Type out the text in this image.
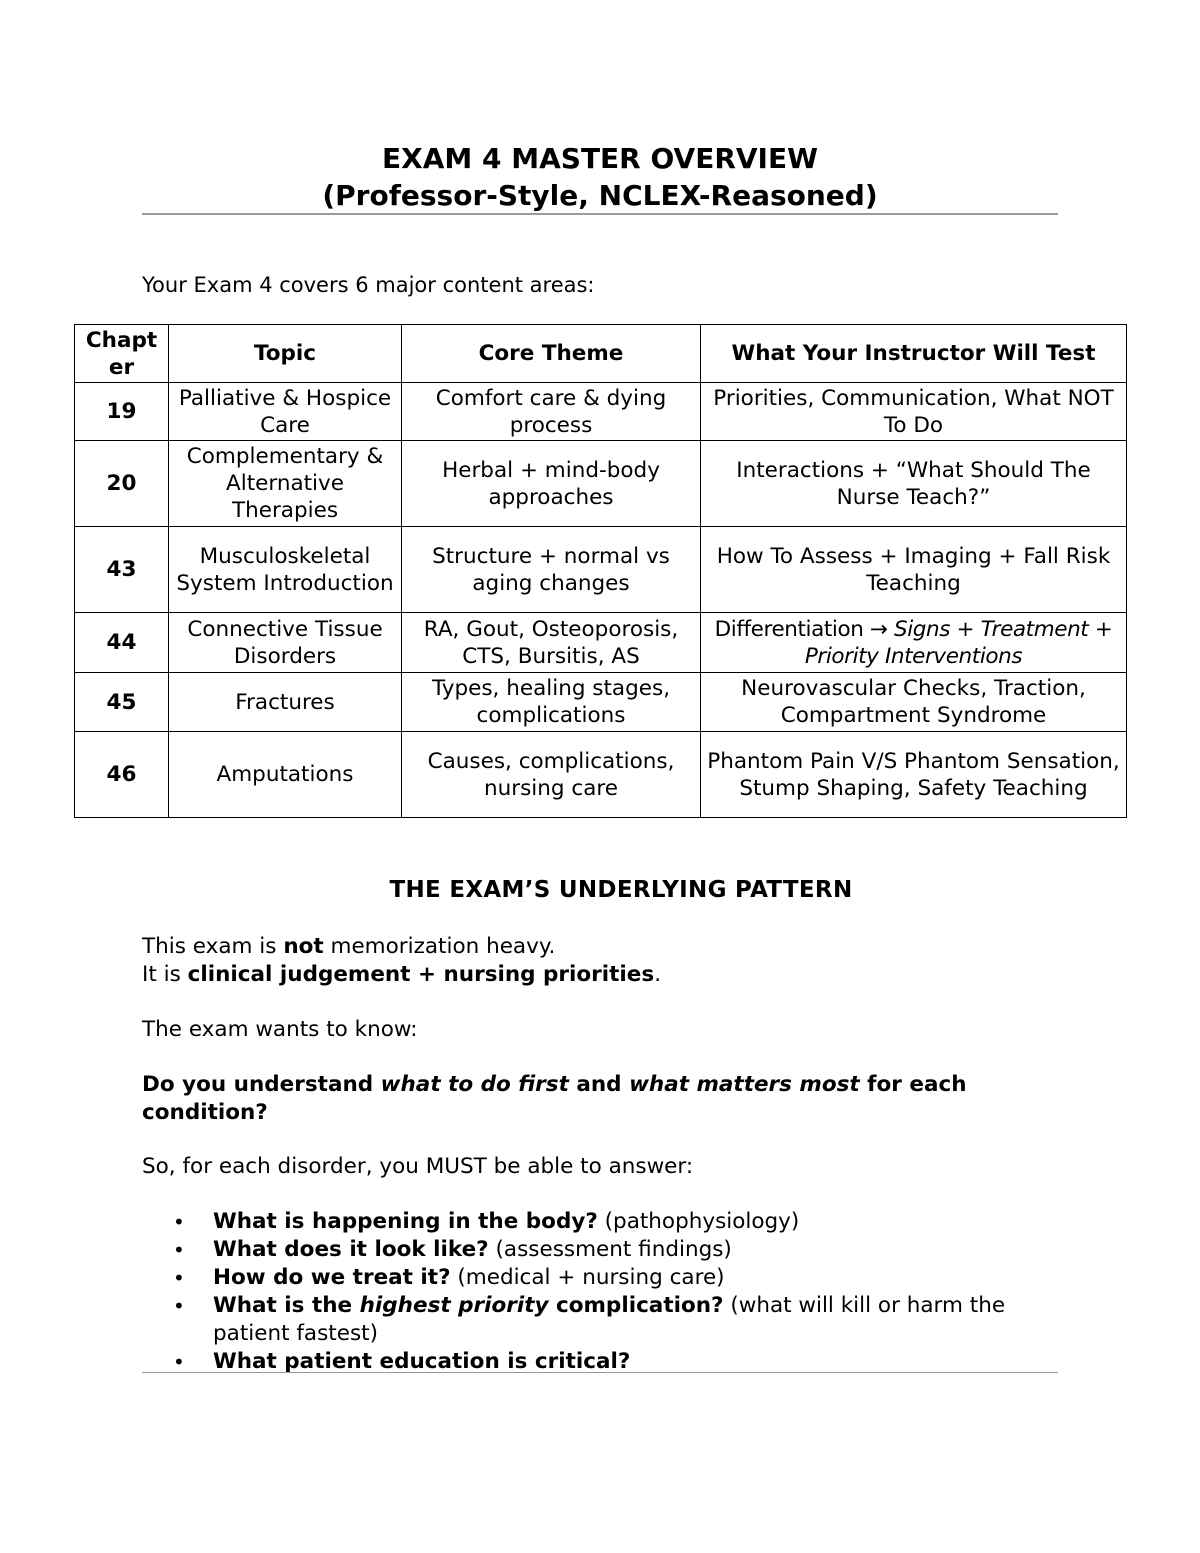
EXAM 4 MASTER OVERVIEW
(Professor-Style, NCLEX-Reasoned)
Your Exam 4 covers 6 major content areas:
Chapter	Topic	Core Theme	What Your Instructor Will Test
19	Palliative & Hospice Care	Comfort care & dying process	Priorities, Communication, What NOT To Do
20	Complementary & Alternative Therapies	Herbal + mind-body approaches	Interactions + “What Should The Nurse Teach?”
43	Musculoskeletal System Introduction	Structure + normal vs aging changes	How To Assess + Imaging + Fall Risk Teaching
44	Connective Tissue Disorders	RA, Gout, Osteoporosis, CTS, Bursitis, AS	Differentiation → Signs + Treatment + Priority Interventions
45	Fractures	Types, healing stages, complications	Neurovascular Checks, Traction, Compartment Syndrome
46	Amputations	Causes, complications, nursing care	Phantom Pain V/S Phantom Sensation, Stump Shaping, Safety Teaching
THE EXAM’S UNDERLYING PATTERN
This exam is not memorization heavy.
It is clinical judgement + nursing priorities.
The exam wants to know:
Do you understand what to do first and what matters most for each condition?
So, for each disorder, you MUST be able to answer:
• What is happening in the body? (pathophysiology)
• What does it look like? (assessment findings)
• How do we treat it? (medical + nursing care)
• What is the highest priority complication? (what will kill or harm the patient fastest)
• What patient education is critical?
